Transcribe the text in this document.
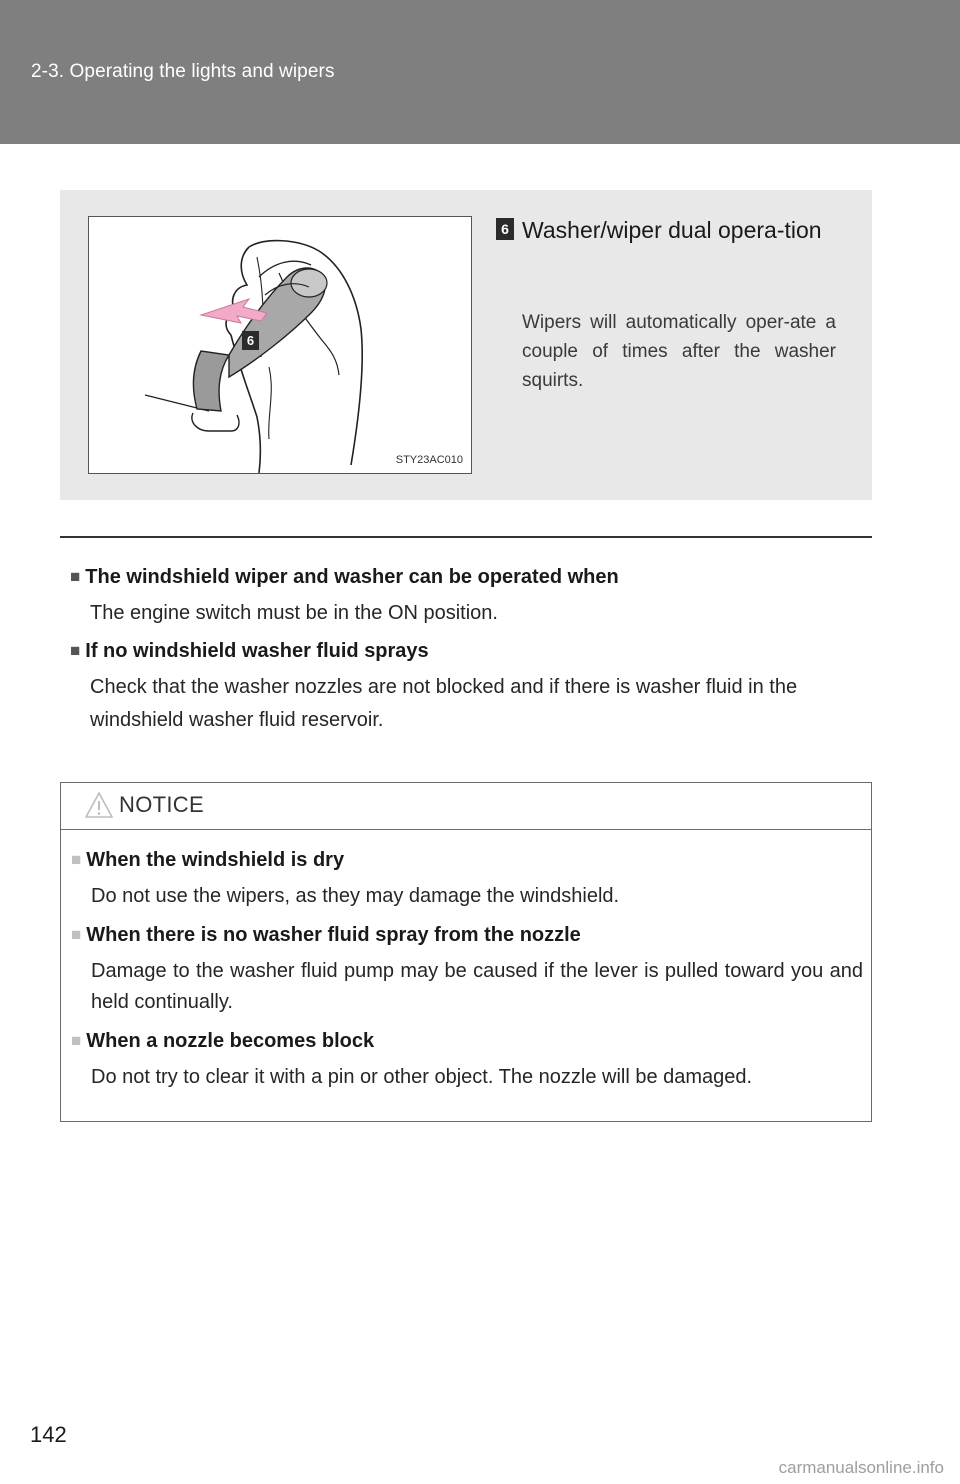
2-3. Operating the lights and wipers
6
STY23AC010
6 Washer/wiper dual opera-tion
Wipers will automatically oper-ate a couple of times after the washer squirts.
■ The windshield wiper and washer can be operated when
The engine switch must be in the ON position.
■ If no windshield washer fluid sprays
Check that the washer nozzles are not blocked and if there is washer fluid in the windshield washer fluid reservoir.
NOTICE
■ When the windshield is dry
Do not use the wipers, as they may damage the windshield.
■ When there is no washer fluid spray from the nozzle
Damage to the washer fluid pump may be caused if the lever is pulled toward you and held continually.
■ When a nozzle becomes block
Do not try to clear it with a pin or other object. The nozzle will be damaged.
142
carmanualsonline.info
